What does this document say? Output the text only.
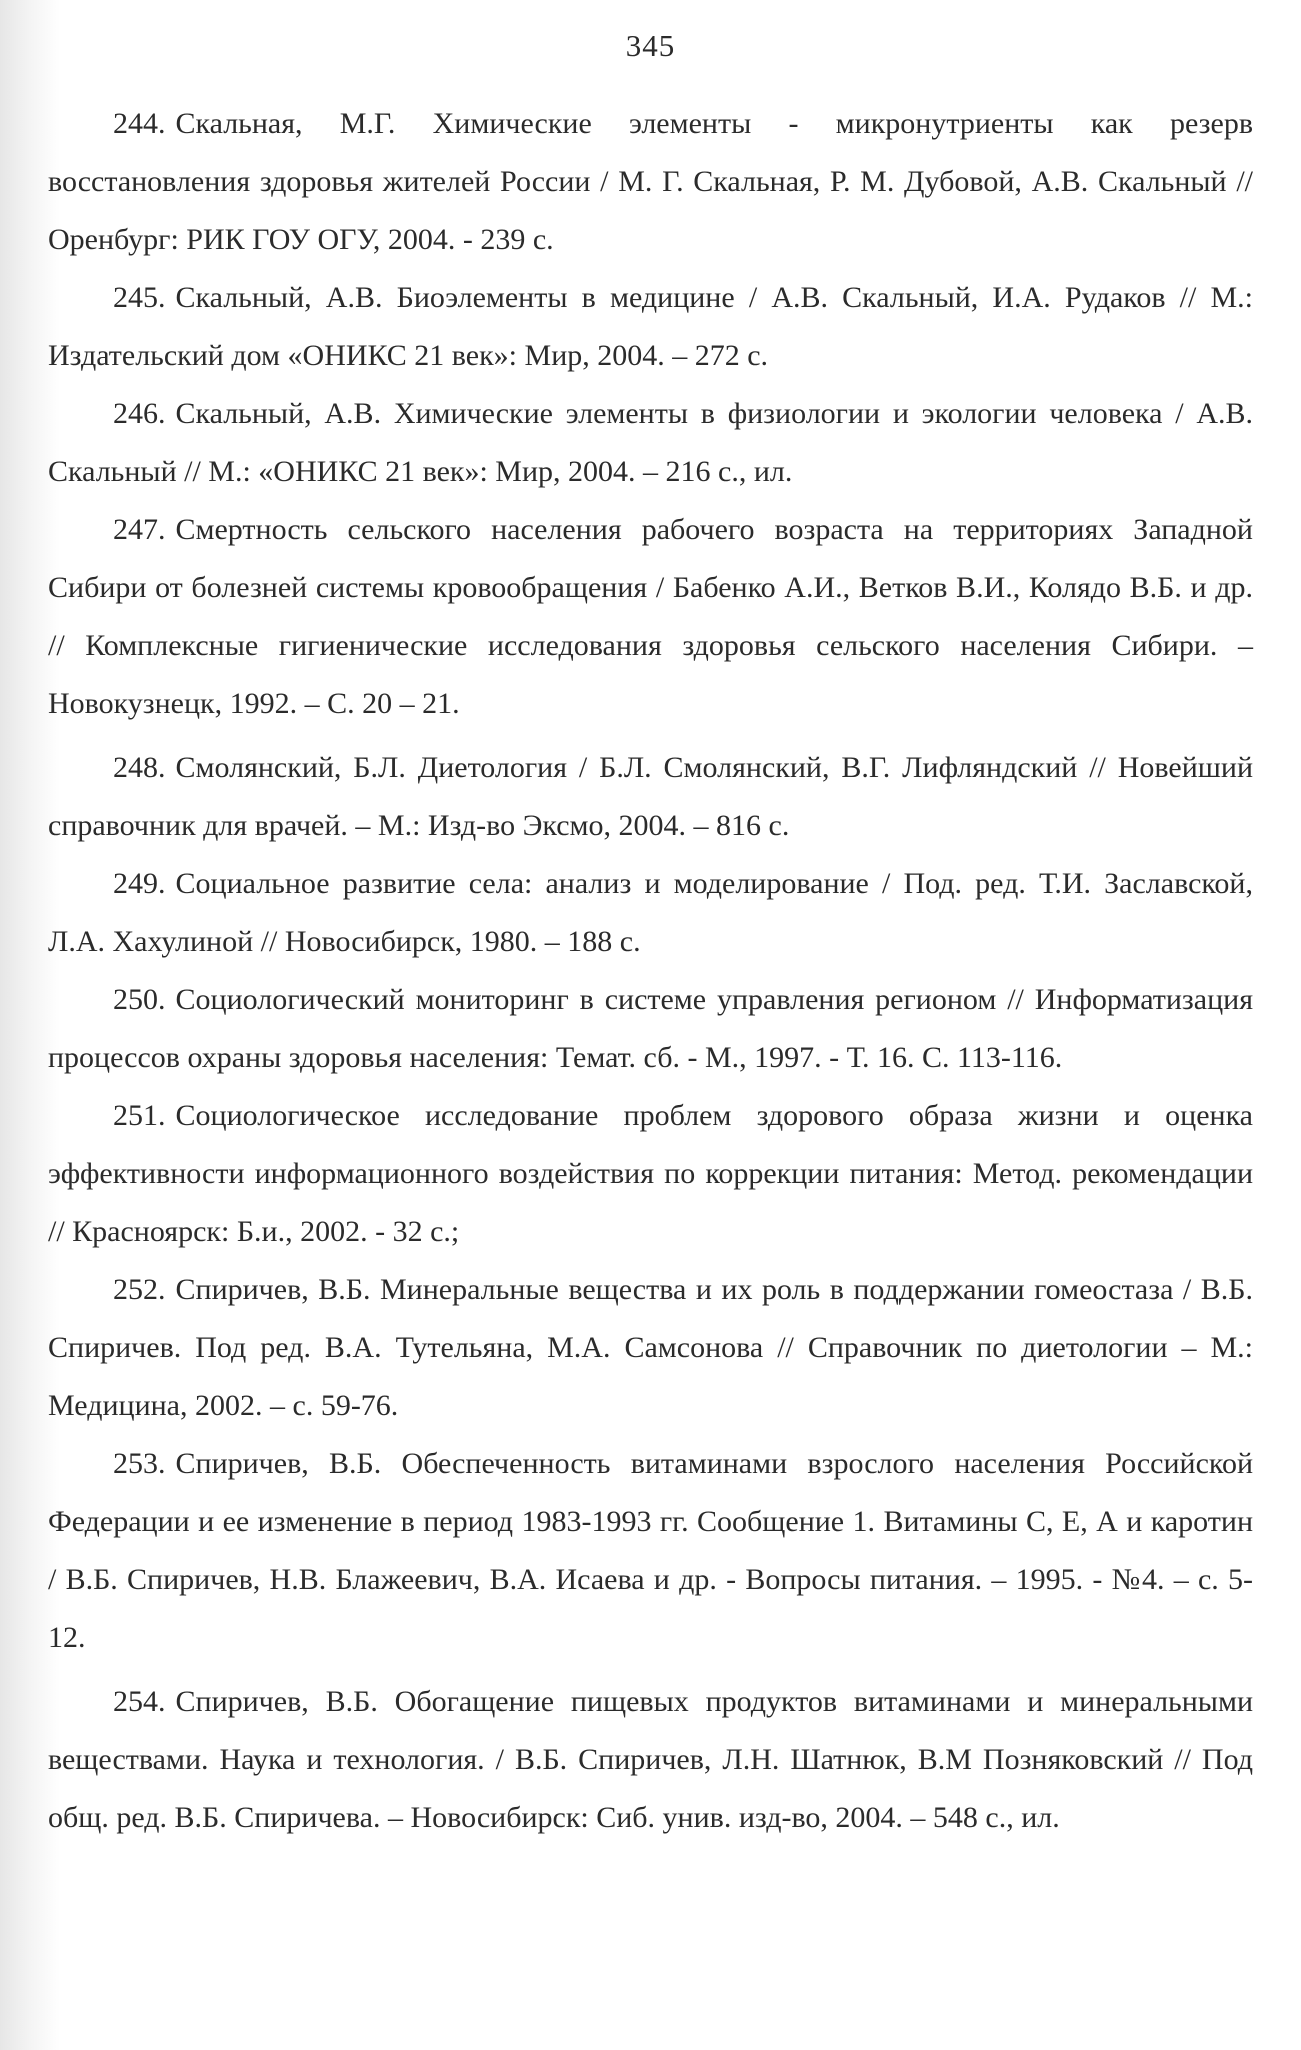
345

244. Скальная, М.Г. Химические элементы - микронутриенты как резерв восстановления здоровья жителей России / М. Г. Скальная, Р. М. Дубовой, А.В. Скальный // Оренбург: РИК ГОУ ОГУ, 2004. - 239 с.

245. Скальный, А.В. Биоэлементы в медицине / А.В. Скальный, И.А. Рудаков // М.: Издательский дом «ОНИКС 21 век»: Мир, 2004. – 272 с.

246. Скальный, А.В. Химические элементы в физиологии и экологии человека / А.В. Скальный // М.: «ОНИКС 21 век»: Мир, 2004. – 216 с., ил.

247. Смертность сельского населения рабочего возраста на территориях Западной Сибири от болезней системы кровообращения / Бабенко А.И., Ветков В.И., Колядо В.Б. и др. // Комплексные гигиенические исследования здоровья сельского населения Сибири. – Новокузнецк, 1992. – С. 20 – 21.

248. Смолянский, Б.Л. Диетология / Б.Л. Смолянский, В.Г. Лифляндский // Новейший справочник для врачей. – М.: Изд-во Эксмо, 2004. – 816 с.

249. Социальное развитие села: анализ и моделирование / Под. ред. Т.И. Заславской, Л.А. Хахулиной // Новосибирск, 1980. – 188 с.

250. Социологический мониторинг в системе управления регионом // Информатизация процессов охраны здоровья населения: Темат. сб. - М., 1997. - Т. 16. С. 113-116.

251. Социологическое исследование проблем здорового образа жизни и оценка эффективности информационного воздействия по коррекции питания: Метод. рекомендации // Красноярск: Б.и., 2002. - 32 с.;

252. Спиричев, В.Б. Минеральные вещества и их роль в поддержании гомеостаза / В.Б. Спиричев. Под ред. В.А. Тутельяна, М.А. Самсонова // Справочник по диетологии – М.: Медицина, 2002. – с. 59-76.

253. Спиричев, В.Б. Обеспеченность витаминами взрослого населения Российской Федерации и ее изменение в период 1983-1993 гг. Сообщение 1. Витамины С, Е, А и каротин / В.Б. Спиричев, Н.В. Блажеевич, В.А. Исаева и др. - Вопросы питания. – 1995. - №4. – с. 5-12.

254. Спиричев, В.Б. Обогащение пищевых продуктов витаминами и минеральными веществами. Наука и технология. / В.Б. Спиричев, Л.Н. Шатнюк, В.М Позняковский // Под общ. ред. В.Б. Спиричева. – Новосибирск: Сиб. унив. изд-во, 2004. – 548 с., ил.
